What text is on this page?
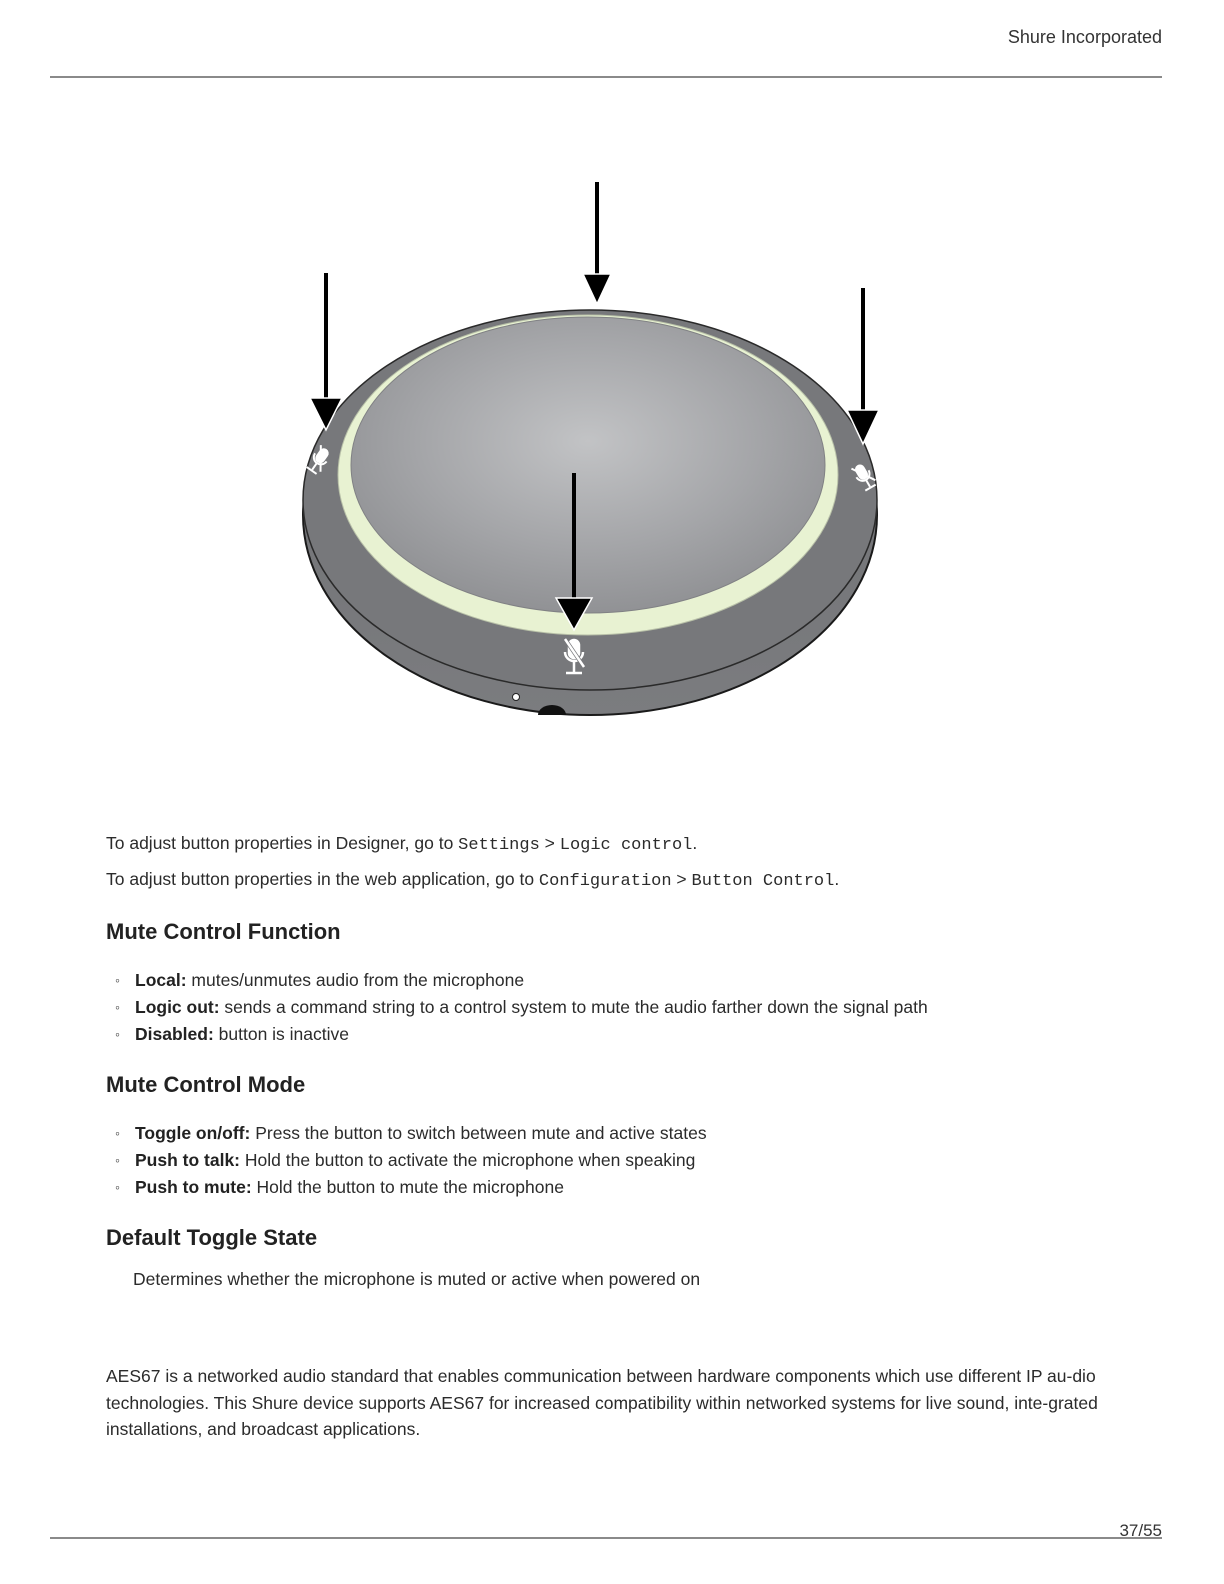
Shure Incorporated

To adjust button properties in Designer, go to Settings > Logic control.

To adjust button properties in the web application, go to Configuration > Button Control.

Mute Control Function
◦ Local: mutes/unmutes audio from the microphone
◦ Logic out: sends a command string to a control system to mute the audio farther down the signal path
◦ Disabled: button is inactive
Mute Control Mode
◦ Toggle on/off: Press the button to switch between mute and active states
◦ Push to talk: Hold the button to activate the microphone when speaking
◦ Push to mute: Hold the button to mute the microphone
Default Toggle State

Determines whether the microphone is muted or active when powered on

AES67 is a networked audio standard that enables communication between hardware components which use different IP au-dio technologies. This Shure device supports AES67 for increased compatibility within networked systems for live sound, inte-grated installations, and broadcast applications.

37/55
